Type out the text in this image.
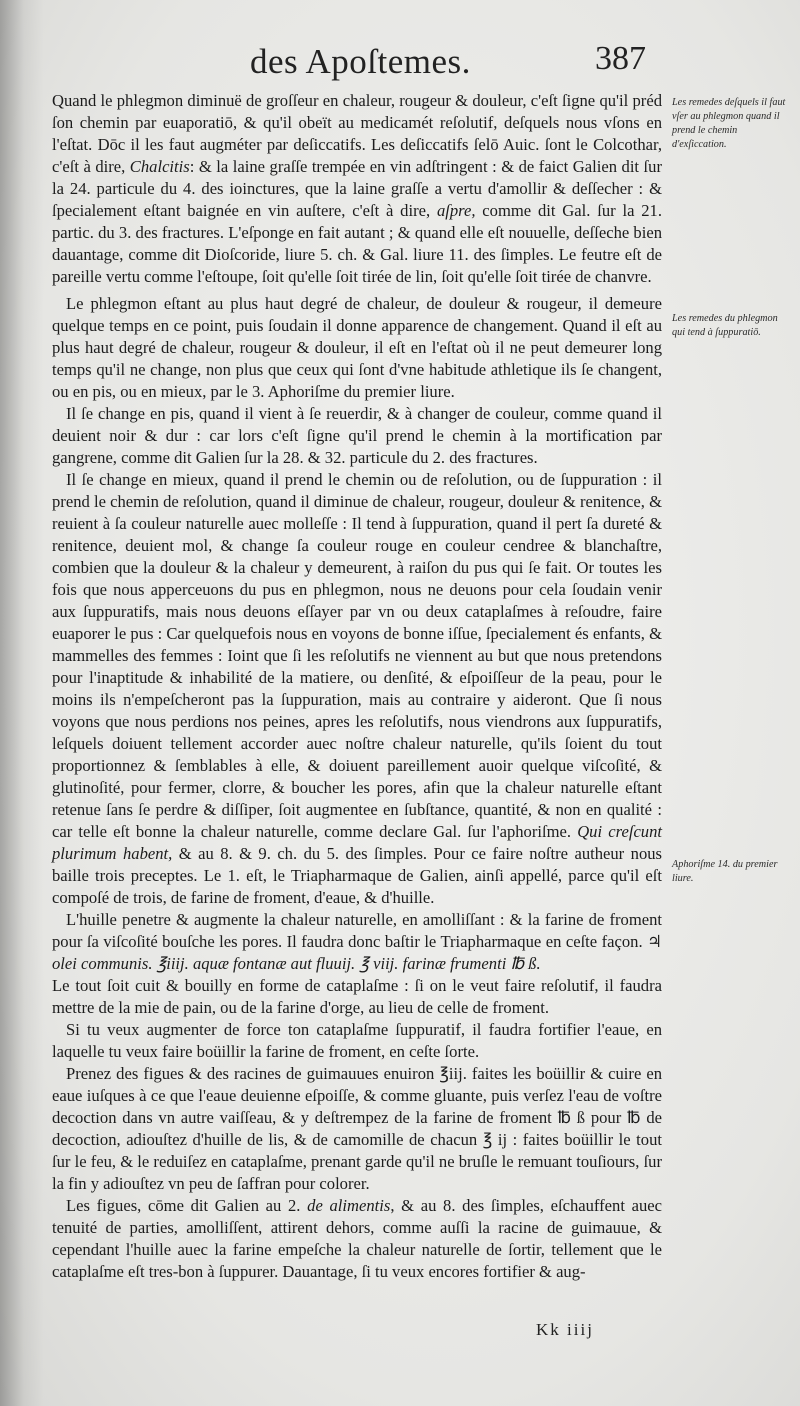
des Apoſtemes.	387

Quand le phlegmon diminuë de groſſeur en chaleur, rougeur & douleur, c'eſt ſigne qu'il préd ſon chemin par euaporatiō, & qu'il obeït au medicamét reſolutif, deſquels nous vſons en l'eſtat. Dōc il les faut augméter par deſiccatifs. Les deſiccatifs ſelō Auic. ſont le Colcothar, c'eſt à dire, Chalcitis: & la laine graſſe trempée en vin adſtringent : & de faict Galien dit ſur la 24. particule du 4. des ioinctures, que la laine graſſe a vertu d'amollir & deſſecher : & ſpecialement eſtant baignée en vin auſtere, c'eſt à dire, aſpre, comme dit Gal. ſur la 21. partic. du 3. des fractures. L'eſponge en fait autant ; & quand elle eſt nouuelle, deſſeche bien dauantage, comme dit Dioſcoride, liure 5. ch. & Gal. liure 11. des ſimples. Le feutre eſt de pareille vertu comme l'eſtoupe, ſoit qu'elle ſoit tirée de lin, ſoit qu'elle ſoit tirée de chanvre.

Le phlegmon eſtant au plus haut degré de chaleur, de douleur & rougeur, il demeure quelque temps en ce point, puis ſoudain il donne apparence de changement. Quand il eſt au plus haut degré de chaleur, rougeur & douleur, il eſt en l'eſtat où il ne peut demeurer long temps qu'il ne change, non plus que ceux qui ſont d'vne habitude athletique ils ſe changent, ou en pis, ou en mieux, par le 3. Aphoriſme du premier liure.

Il ſe change en pis, quand il vient à ſe reuerdir, & à changer de couleur, comme quand il deuient noir & dur : car lors c'eſt ſigne qu'il prend le chemin à la mortification par gangrene, comme dit Galien ſur la 28. & 32. particule du 2. des fractures.

Il ſe change en mieux, quand il prend le chemin ou de reſolution, ou de ſuppuration : il prend le chemin de reſolution, quand il diminue de chaleur, rougeur, douleur & renitence, & reuient à ſa couleur naturelle auec molleſſe : Il tend à ſuppuration, quand il pert ſa dureté & renitence, deuient mol, & change ſa couleur rouge en couleur cendree & blanchaſtre, combien que la douleur & la chaleur y demeurent, à raiſon du pus qui ſe fait. Or toutes les fois que nous apperceuons du pus en phlegmon, nous ne deuons pour cela ſoudain venir aux ſuppuratifs, mais nous deuons eſſayer par vn ou deux cataplaſmes à reſoudre, faire euaporer le pus : Car quelquefois nous en voyons de bonne iſſue, ſpecialement és enfants, & mammelles des femmes : Ioint que ſi les reſolutifs ne viennent au but que nous pretendons pour l'inaptitude & inhabilité de la matiere, ou denſité, & eſpoiſſeur de la peau, pour le moins ils n'empeſcheront pas la ſuppuration, mais au contraire y aideront. Que ſi nous voyons que nous perdions nos peines, apres les reſolutifs, nous viendrons aux ſuppuratifs, leſquels doiuent tellement accorder auec noſtre chaleur naturelle, qu'ils ſoient du tout proportionnez & ſemblables à elle, & doiuent pareillement auoir quelque viſcoſité, & glutinoſité, pour fermer, clorre, & boucher les pores, afin que la chaleur naturelle eſtant retenue ſans ſe perdre & diſſiper, ſoit augmentee en ſubſtance, quantité, & non en qualité : car telle eſt bonne la chaleur naturelle, comme declare Gal. ſur l'aphoriſme. Qui creſcunt plurimum habent, & au 8. & 9. ch. du 5. des ſimples. Pour ce faire noſtre autheur nous baille trois preceptes. Le 1. eſt, le Triapharmaque de Galien, ainſi appellé, parce qu'il eſt compoſé de trois, de farine de froment, d'eaue, & d'huille.

L'huille penetre & augmente la chaleur naturelle, en amolliſſant : & la farine de froment pour ſa viſcoſité bouſche les pores. Il faudra donc baſtir le Triapharmaque en ceſte façon. ♃ olei communis. ℥iiij. aquæ fontanæ aut fluuij. ℥ viij. farinæ frumenti ℔ ß.

Le tout ſoit cuit & bouilly en forme de cataplaſme : ſi on le veut faire reſolutif, il faudra mettre de la mie de pain, ou de la farine d'orge, au lieu de celle de froment.

Si tu veux augmenter de force ton cataplaſme ſuppuratif, il faudra fortifier l'eaue, en laquelle tu veux faire boüillir la farine de froment, en ceſte ſorte.

Prenez des figues & des racines de guimauues enuiron ℥iij. faites les boüillir & cuire en eaue iuſques à ce que l'eaue deuienne eſpoiſſe, & comme gluante, puis verſez l'eau de voſtre decoction dans vn autre vaiſſeau, & y deſtrempez de la farine de froment ℔ ß pour ℔ de decoction, adiouſtez d'huille de lis, & de camomille de chacun ℥ ij : faites boüillir le tout ſur le feu, & le reduiſez en cataplaſme, prenant garde qu'il ne bruſle le remuant touſiours, ſur la fin y adiouſtez vn peu de ſaffran pour colorer.

Les figues, cōme dit Galien au 2. de alimentis, & au 8. des ſimples, eſchauffent auec tenuité de parties, amolliſſent, attirent dehors, comme auſſi la racine de guimauue, & cependant l'huille auec la farine empeſche la chaleur naturelle de ſortir, tellement que le cataplaſme eſt tres-bon à ſuppurer. Dauantage, ſi tu veux encores fortifier & aug-

Les remedes deſquels il faut vſer au phlegmon quand il prend le chemin d'exſiccation.
Les remedes du phlegmon qui tend à ſuppuratiō.
Aphoriſme 14. du premier liure.
Kk iiij
